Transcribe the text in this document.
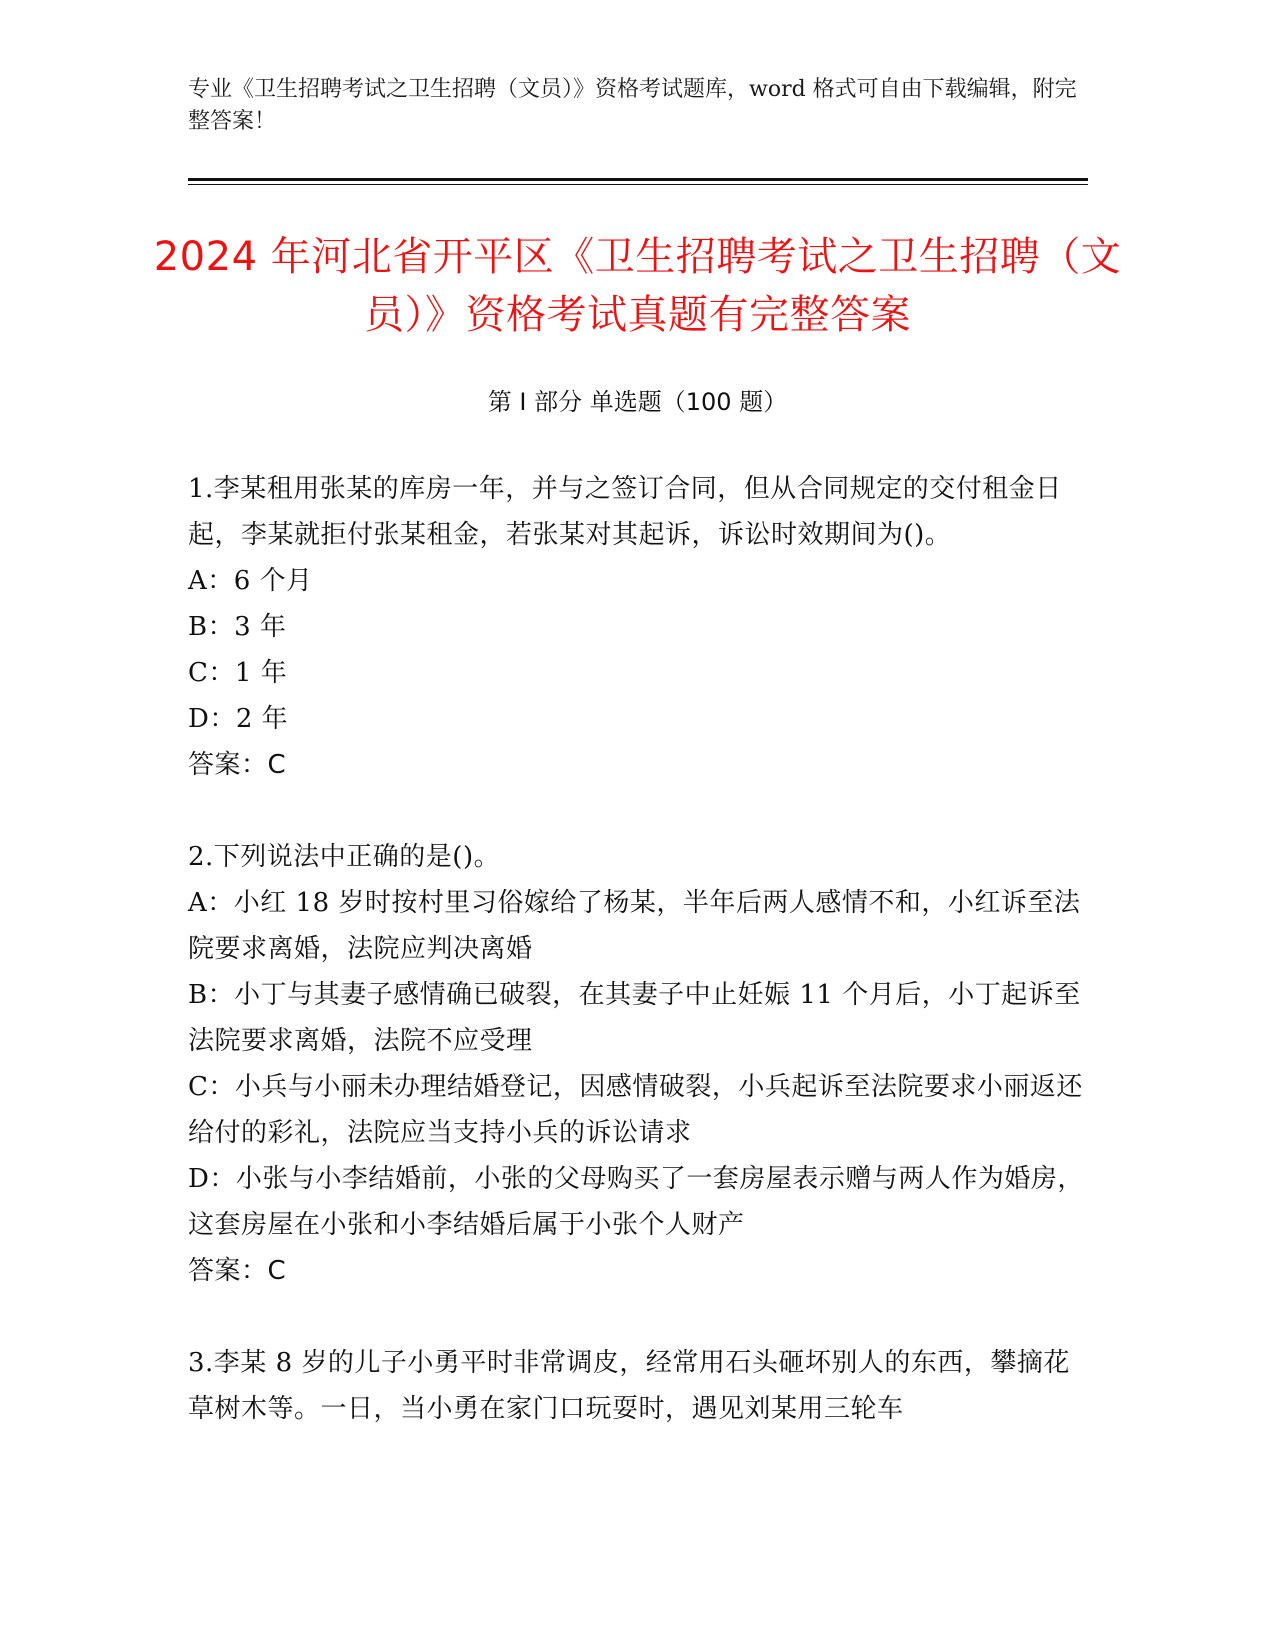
专业《卫生招聘考试之卫生招聘（文员）》资格考试题库，word 格式可自由下载编辑，附完整答案！
2024 年河北省开平区《卫生招聘考试之卫生招聘（文员）》资格考试真题有完整答案
第 I 部分 单选题（100 题）
1.李某租用张某的库房一年，并与之签订合同，但从合同规定的交付租金日起，李某就拒付张某租金，若张某对其起诉，诉讼时效期间为()。
A：6 个月
B：3 年
C：1 年
D：2 年
答案：C
2.下列说法中正确的是()。
A：小红 18 岁时按村里习俗嫁给了杨某，半年后两人感情不和，小红诉至法院要求离婚，法院应判决离婚
B：小丁与其妻子感情确已破裂，在其妻子中止妊娠 11 个月后，小丁起诉至法院要求离婚，法院不应受理
C：小兵与小丽未办理结婚登记，因感情破裂，小兵起诉至法院要求小丽返还给付的彩礼，法院应当支持小兵的诉讼请求
D：小张与小李结婚前，小张的父母购买了一套房屋表示赠与两人作为婚房，这套房屋在小张和小李结婚后属于小张个人财产
答案：C
3.李某 8 岁的儿子小勇平时非常调皮，经常用石头砸坏别人的东西，攀摘花草树木等。一日，当小勇在家门口玩耍时，遇见刘某用三轮车
